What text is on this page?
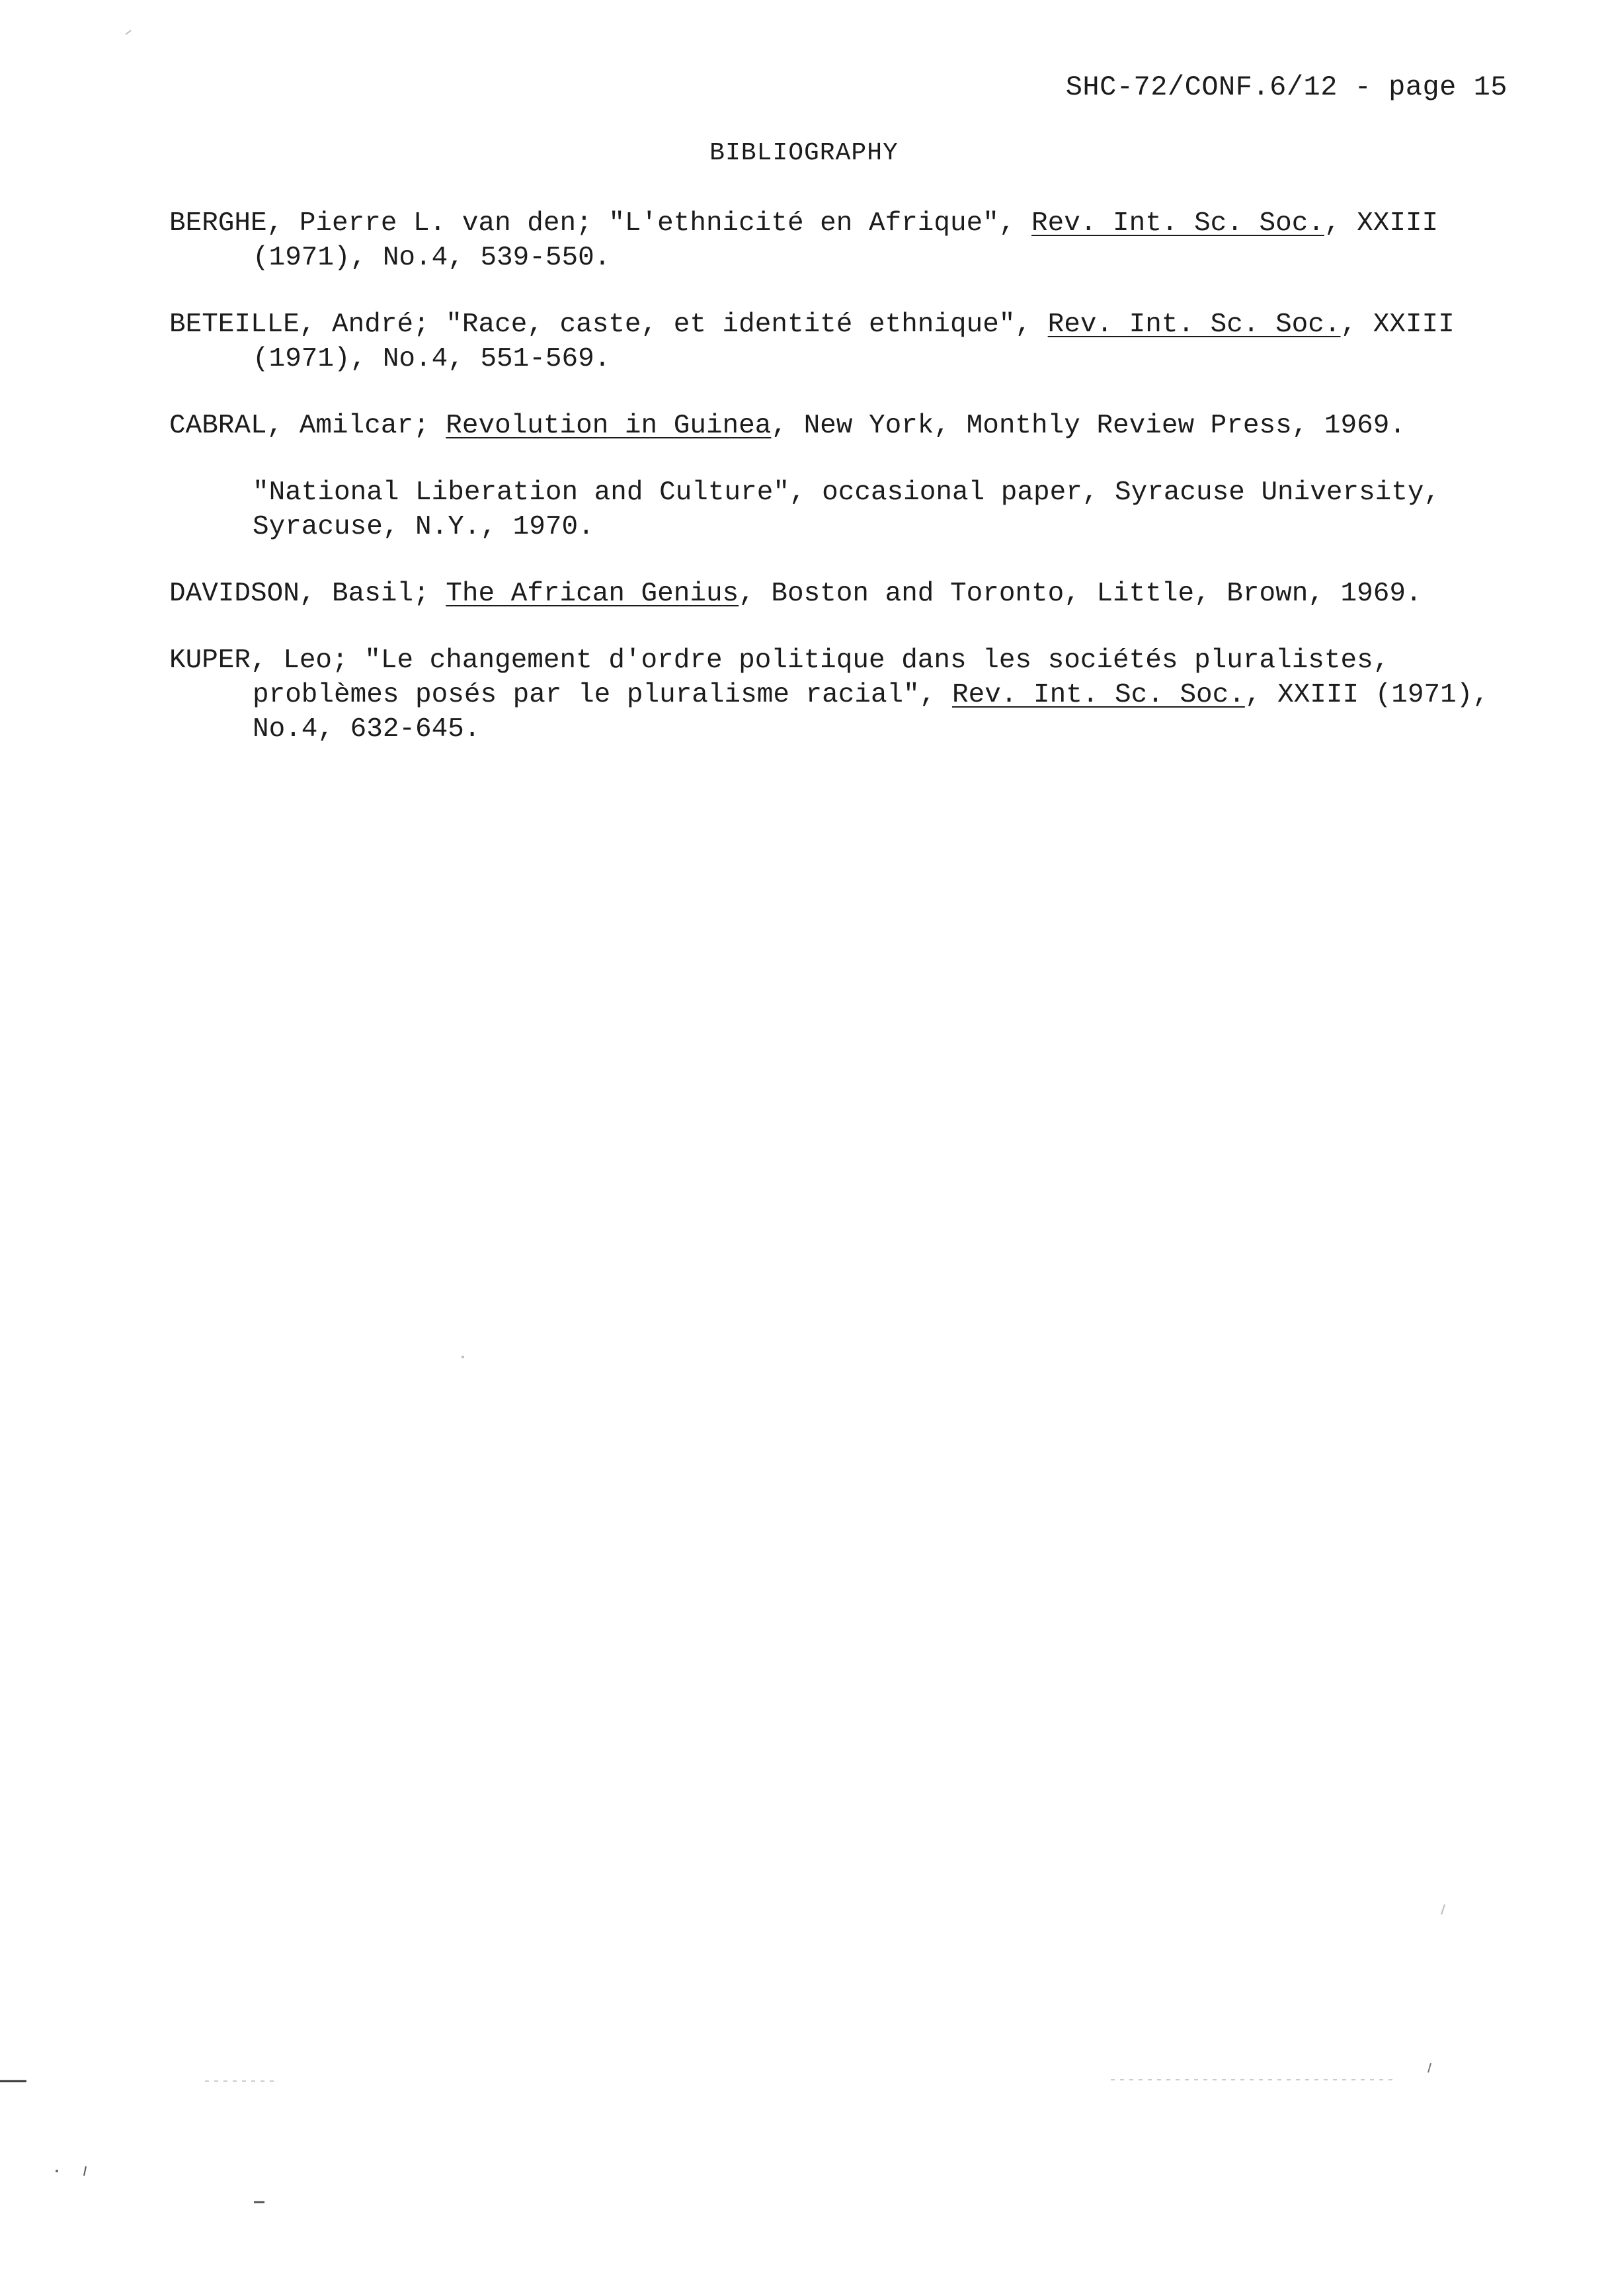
SHC-72/CONF.6/12 - page 15
BIBLIOGRAPHY

BERGHE, Pierre L. van den; "L'ethnicité en Afrique", Rev. Int. Sc. Soc., XXIII (1971), No.4, 539-550.

BETEILLE, André; "Race, caste, et identité ethnique", Rev. Int. Sc. Soc., XXIII (1971), No.4, 551-569.

CABRAL, Amilcar; Revolution in Guinea, New York, Monthly Review Press, 1969.

"National Liberation and Culture", occasional paper, Syracuse University, Syracuse, N.Y., 1970.

DAVIDSON, Basil; The African Genius, Boston and Toronto, Little, Brown, 1969.

KUPER, Leo; "Le changement d'ordre politique dans les sociétés pluralistes, problèmes posés par le pluralisme racial", Rev. Int. Sc. Soc., XXIII (1971), No.4, 632-645.
